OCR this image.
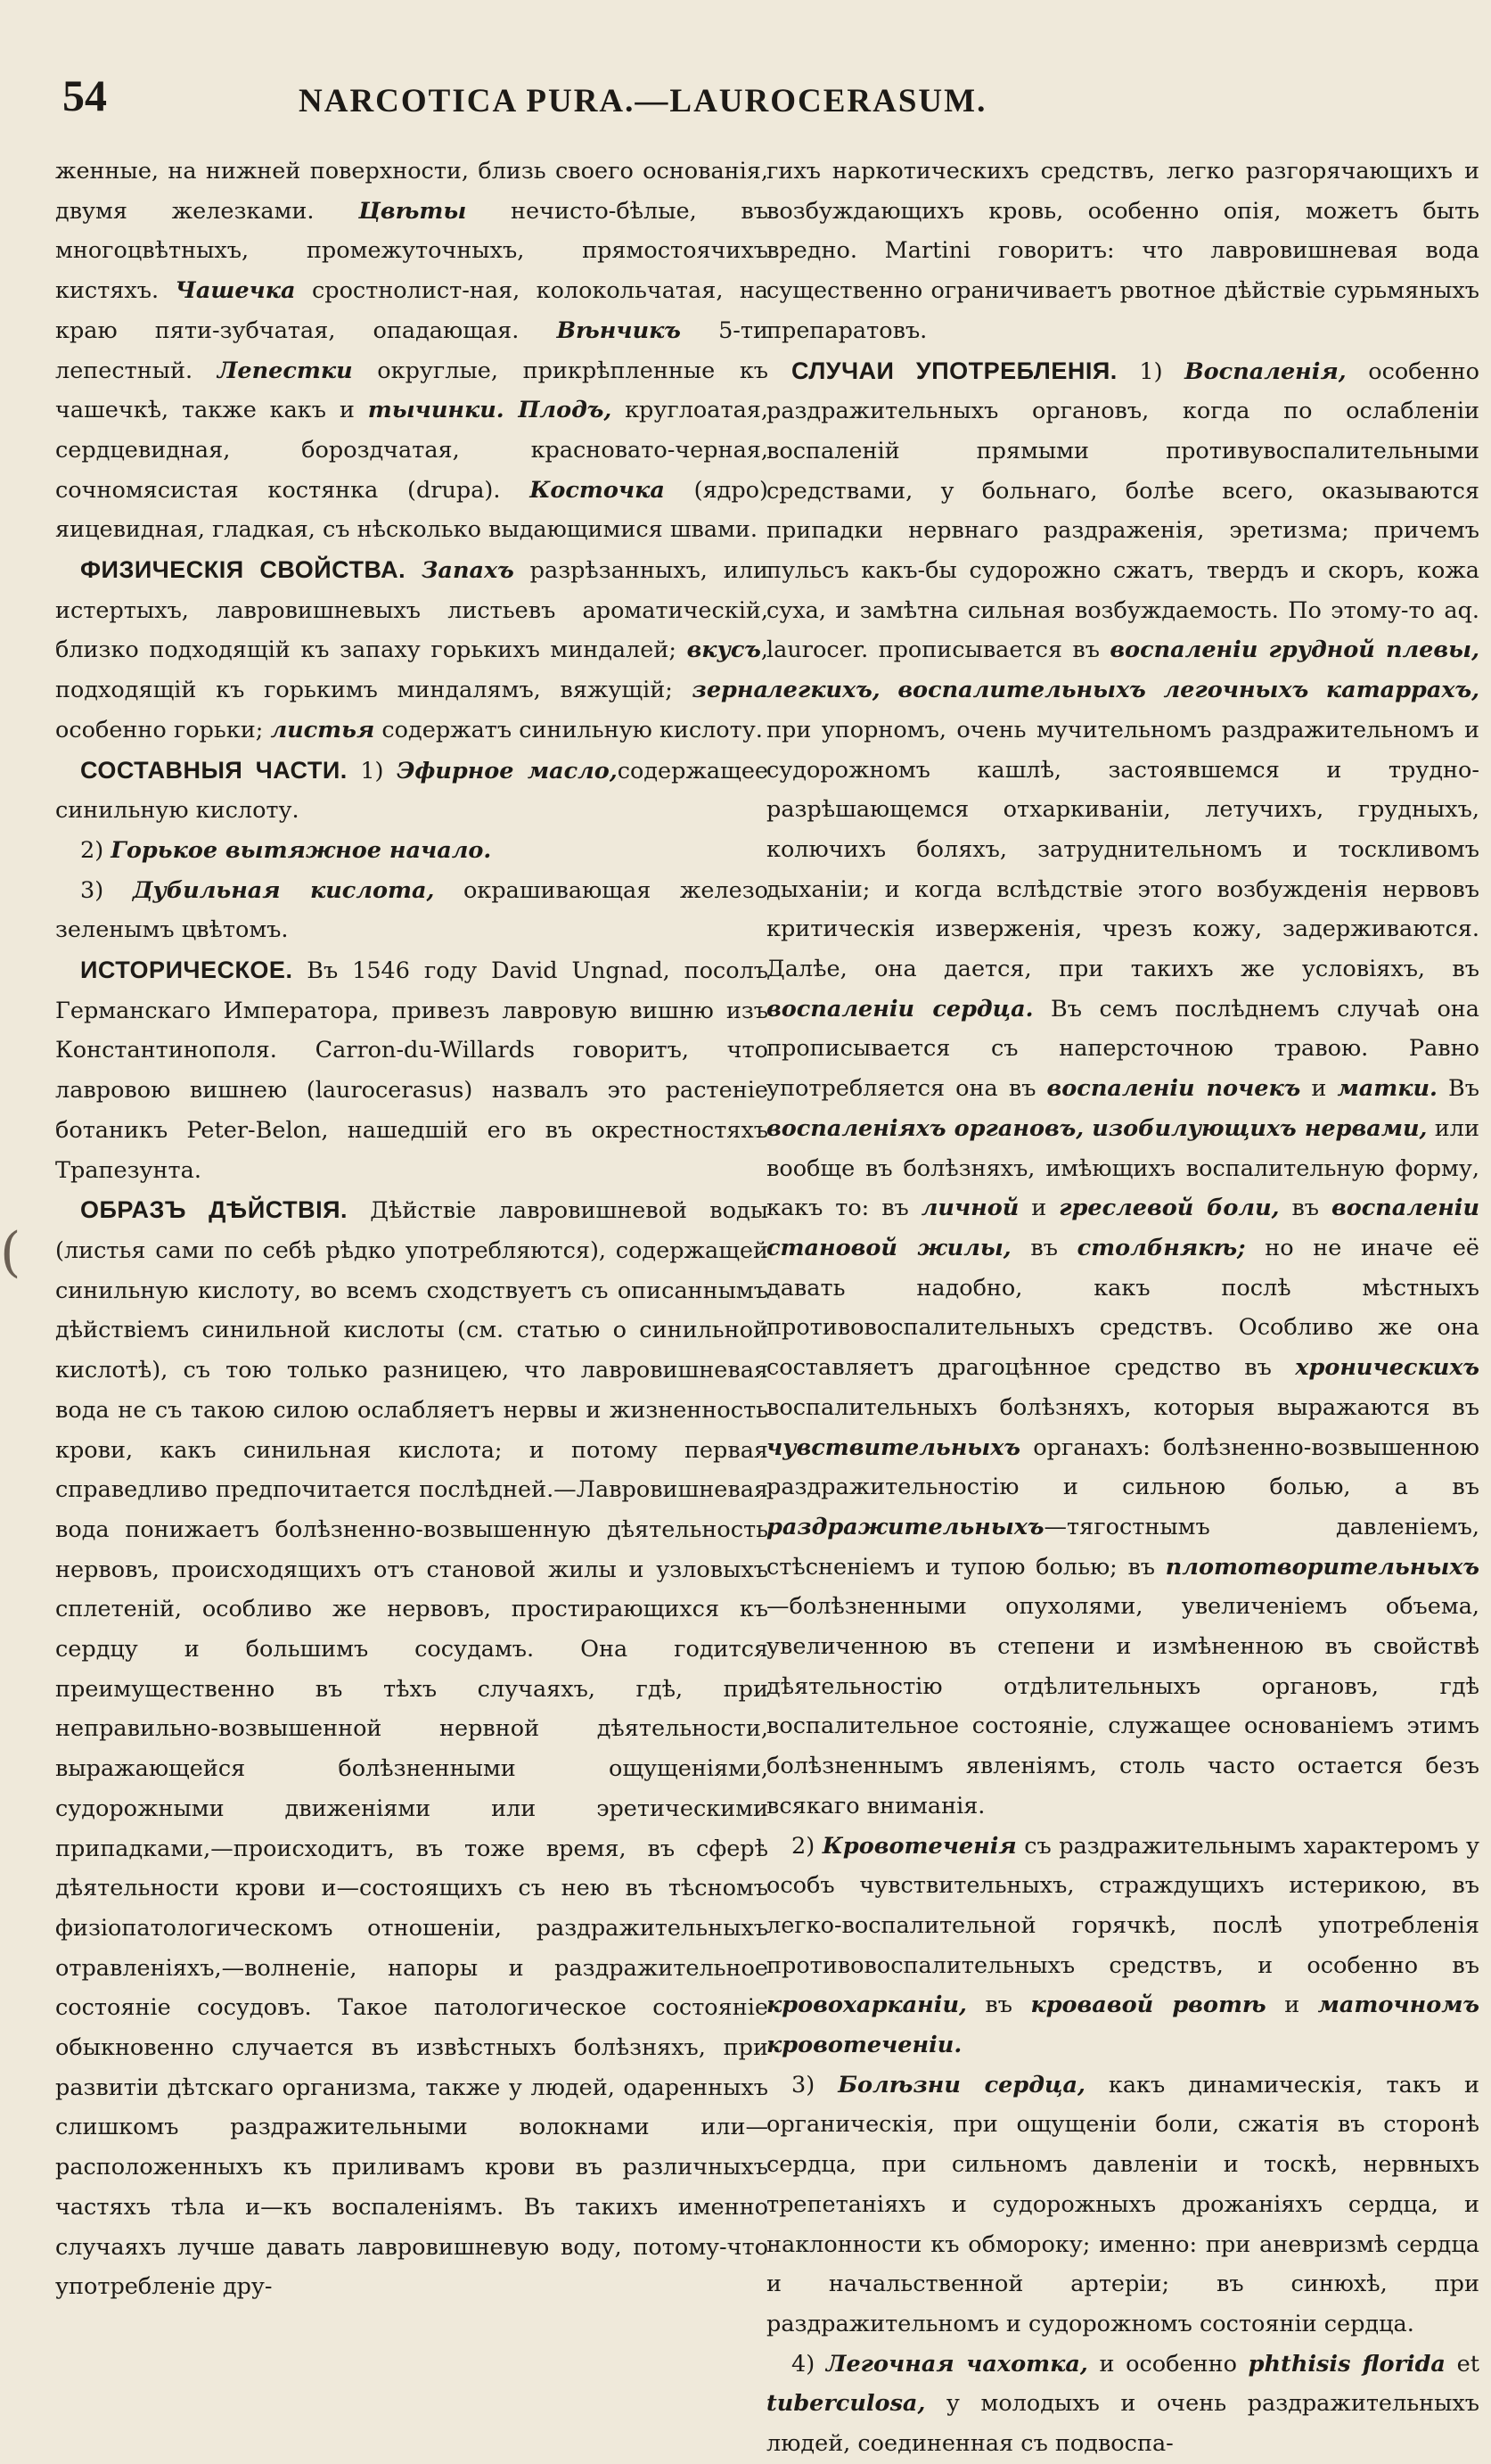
54	NARCOTICA PURA.—LAUROCERASUM.

женные, на нижней поверхности, близь своего основанія, двумя железками. Цвѣты нечисто-бѣлые, въ многоцвѣтныхъ, промежуточныхъ, прямостоячихъ кистяхъ. Чашечка сростнолист-ная, колокольчатая, на краю пяти-зубчатая, опадающая. Вѣнчикъ 5-ти лепестный. Лепестки округлые, прикрѣпленные къ чашечкѣ, также какъ и тычинки. Плодъ, круглоатая, сердцевидная, бороздчатая, красновато-черная, сочномясистая костянка (drupa). Косточка (ядро) яицевидная, гладкая, съ нѣсколько выдающимися швами.

ФИЗИЧЕСКІЯ СВОЙСТВА. Запахъ разрѣзанныхъ, или истертыхъ, лавровишневыхъ листьевъ ароматическій, близко подходящій къ запаху горькихъ миндалей; вкусъ, подходящій къ горькимъ миндалямъ, вяжущій; зерна особенно горьки; листья содержатъ синильную кислоту.

СОСТАВНЫЯ ЧАСТИ. 1) Эфирное масло,содержащее синильную кислоту.

2) Горькое вытяжное начало.

3) Дубильная кислота, окрашивающая железо зеленымъ цвѣтомъ.

ИСТОРИЧЕСКОЕ. Въ 1546 году David Ungnad, посолъ Германскаго Императора, привезъ лавровую вишню изъ Константинополя. Carron-du-Willards говоритъ, что лавровою вишнею (laurocerasus) назвалъ это растеніе ботаникъ Peter-Belon, нашедшій его въ окрестностяхъ Трапезунта.

ОБРАЗЪ ДѢЙСТВІЯ. Дѣйствіе лавровишневой воды (листья сами по себѣ рѣдко употребляются), содержащей синильную кислоту, во всемъ сходствуетъ съ описаннымъ дѣйствіемъ синильной кислоты (см. статью о синильной кислотѣ), съ тою только разницею, что лавровишневая вода не съ такою силою ослабляетъ нервы и жизненность крови, какъ синильная кислота; и потому первая справедливо предпочитается послѣдней.—Лавровишневая вода понижаетъ болѣзненно-возвышенную дѣятельность нервовъ, происходящихъ отъ становой жилы и узловыхъ сплетеній, особливо же нервовъ, простирающихся къ сердцу и большимъ сосудамъ. Она годится преимущественно въ тѣхъ случаяхъ, гдѣ, при неправильно-возвышенной нервной дѣятельности, выражающейся болѣзненными ощущеніями, судорожными движеніями или эретическими припадками,—происходитъ, въ тоже время, въ сферѣ дѣятельности крови и—состоящихъ съ нею въ тѣсномъ физіопатологическомъ отношеніи, раздражительныхъ отравленіяхъ,—волненіе, напоры и раздражительное состояніе сосудовъ. Такое патологическое состояніе обыкновенно случается въ извѣстныхъ болѣзняхъ, при развитіи дѣтскаго организма, также у людей, одаренныхъ слишкомъ раздражительными волокнами или—расположенныхъ къ приливамъ крови въ различныхъ частяхъ тѣла и—къ воспаленіямъ. Въ такихъ именно случаяхъ лучше давать лавровишневую воду, потому-что употребленіе дру-

гихъ наркотическихъ средствъ, легко разгорячающихъ и возбуждающихъ кровь, особенно опія, можетъ быть вредно. Martini говоритъ: что лавровишневая вода существенно ограничиваетъ рвотное дѣйствіе сурьмяныхъ препаратовъ.

СЛУЧАИ УПОТРЕБЛЕНІЯ. 1) Воспаленія, особенно раздражительныхъ органовъ, когда по ослабленіи воспаленій прямыми противувоспалительными средствами, у больнаго, болѣе всего, оказываются припадки нервнаго раздраженія, эретизма; причемъ пульсъ какъ-бы судорожно сжатъ, твердъ и скоръ, кожа суха, и замѣтна сильная возбуждаемость. По этому-то aq. laurocer. прописывается въ воспаленіи грудной плевы, легкихъ, воспалительныхъ легочныхъ катаррахъ, при упорномъ, очень мучительномъ раздражительномъ и судорожномъ кашлѣ, застоявшемся и трудно-разрѣшающемся отхаркиваніи, летучихъ, грудныхъ, колючихъ боляхъ, затруднительномъ и тоскливомъ дыханіи; и когда вслѣдствіе этого возбужденія нервовъ критическія изверженія, чрезъ кожу, задерживаются. Далѣе, она дается, при такихъ же условіяхъ, въ воспаленіи сердца. Въ семъ послѣднемъ случаѣ она прописывается съ наперсточною травою. Равно употребляется она въ воспаленіи почекъ и матки. Въ воспаленіяхъ органовъ, изобилующихъ нервами, или вообще въ болѣзняхъ, имѣющихъ воспалительную форму, какъ то: въ личной и греслевой боли, въ воспаленіи становой жилы, въ столбнякѣ; но не иначе её давать надобно, какъ послѣ мѣстныхъ противовоспалительныхъ средствъ. Особливо же она составляетъ драгоцѣнное средство въ хроническихъ воспалительныхъ болѣзняхъ, которыя выражаются въ чувствительныхъ органахъ: болѣзненно-возвышенною раздражительностію и сильною болью, а въ раздражительныхъ—тягостнымъ давленіемъ, стѣсненіемъ и тупою болью; въ плототворительныхъ—болѣзненными опухолями, увеличеніемъ объема, увеличенною въ степени и измѣненною въ свойствѣ дѣятельностію отдѣлительныхъ органовъ, гдѣ воспалительное состояніе, служащее основаніемъ этимъ болѣзненнымъ явленіямъ, столь часто остается безъ всякаго вниманія.

2) Кровотеченія съ раздражительнымъ характеромъ у особъ чувствительныхъ, страждущихъ истерикою, въ легко-воспалительной горячкѣ, послѣ употребленія противовоспалительныхъ средствъ, и особенно въ кровохарканіи, въ кровавой рвотѣ и маточномъ кровотеченіи.

3) Болѣзни сердца, какъ динамическія, такъ и органическія, при ощущеніи боли, сжатія въ сторонѣ сердца, при сильномъ давленіи и тоскѣ, нервныхъ трепетаніяхъ и судорожныхъ дрожаніяхъ сердца, и наклонности къ обмороку; именно: при аневризмѣ сердца и начальственной артеріи; въ синюхѣ, при раздражительномъ и судорожномъ состояніи сердца.

4) Легочная чахотка, и особенно phthisis florida et tuberculosa, у молодыхъ и очень раздражительныхъ людей, соединенная съ подвоспа-

(
